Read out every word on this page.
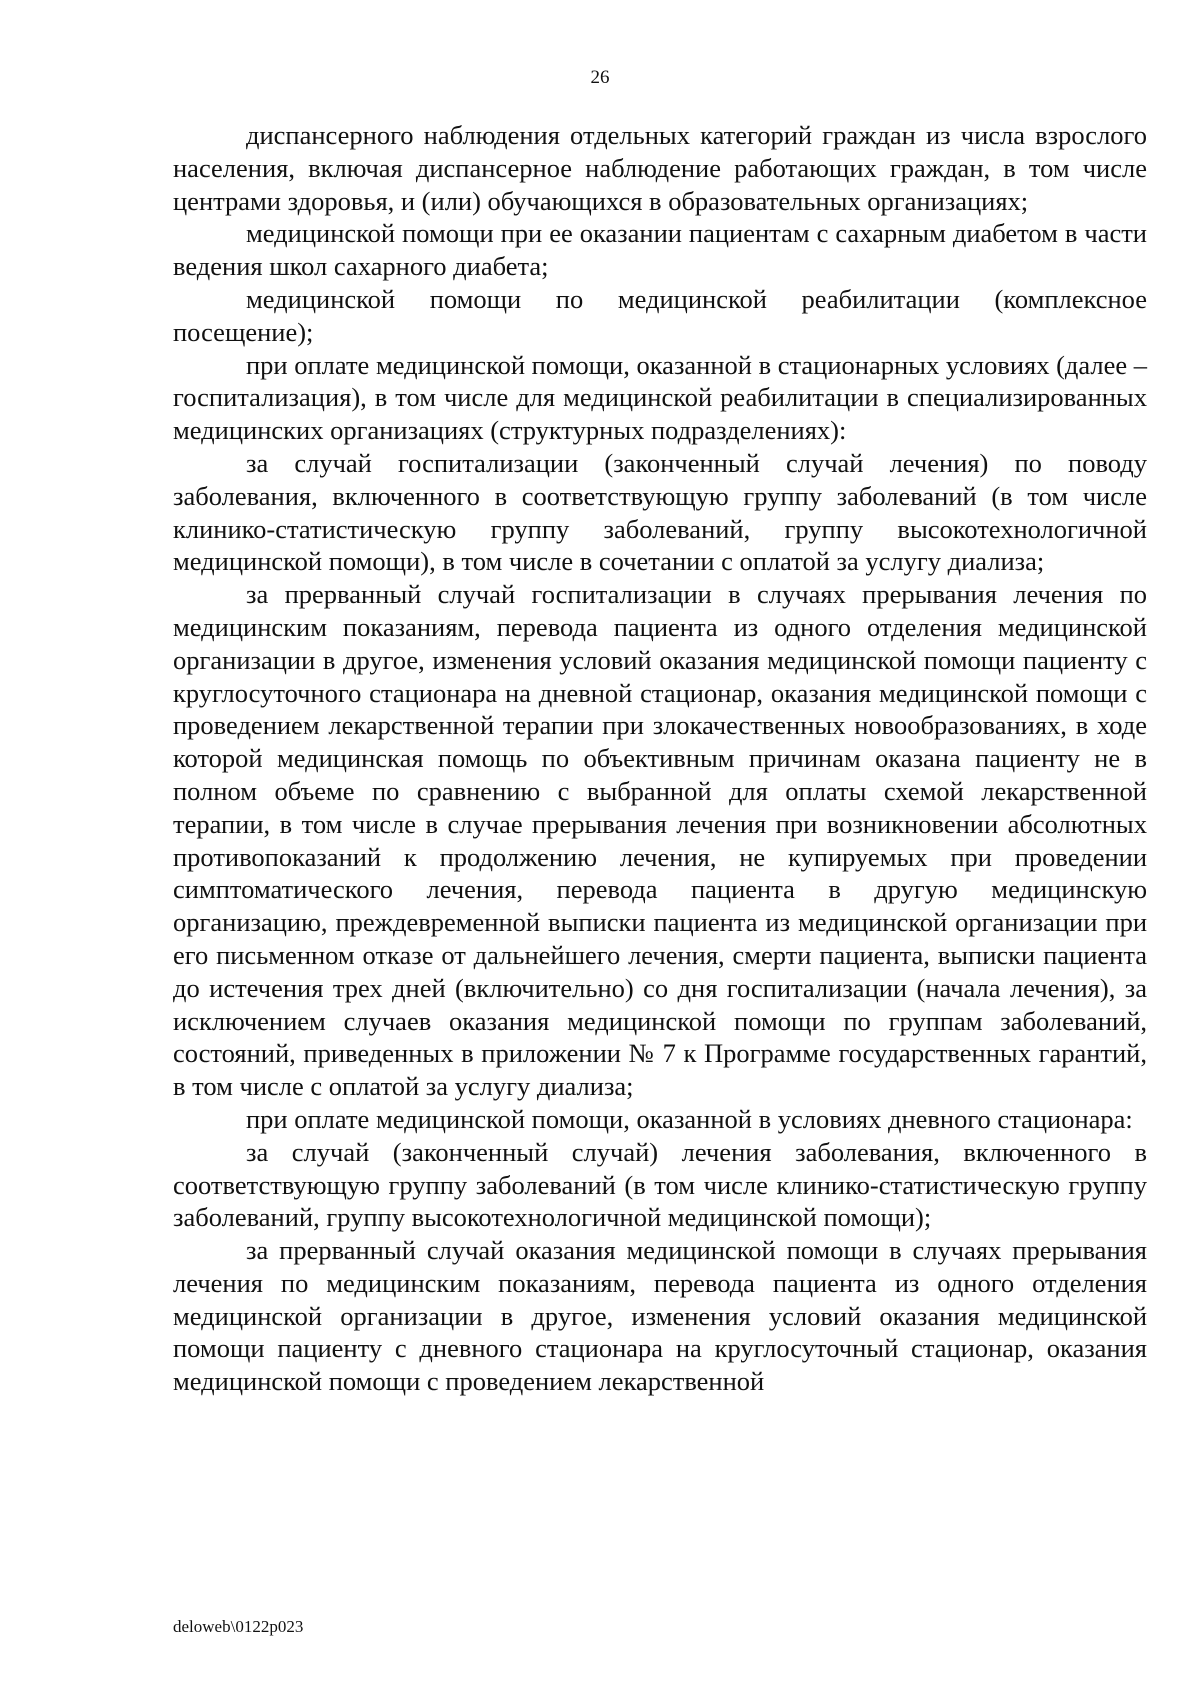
26

диспансерного наблюдения отдельных категорий граждан из числа взрослого населения, включая диспансерное наблюдение работающих граждан, в том числе центрами здоровья, и (или) обучающихся в образовательных организациях;

медицинской помощи при ее оказании пациентам с сахарным диабетом в части ведения школ сахарного диабета;

медицинской помощи по медицинской реабилитации (комплексное посещение);

при оплате медицинской помощи, оказанной в стационарных условиях (далее – госпитализация), в том числе для медицинской реабилитации в специализированных медицинских организациях (структурных подразделениях):

за случай госпитализации (законченный случай лечения) по поводу заболевания, включенного в соответствующую группу заболеваний (в том числе клинико-статистическую группу заболеваний, группу высокотехнологичной медицинской помощи), в том числе в сочетании с оплатой за услугу диализа;

за прерванный случай госпитализации в случаях прерывания лечения по медицинским показаниям, перевода пациента из одного отделения медицинской организации в другое, изменения условий оказания медицинской помощи пациенту с круглосуточного стационара на дневной стационар, оказания медицинской помощи с проведением лекарственной терапии при злокачественных новообразованиях, в ходе которой медицинская помощь по объективным причинам оказана пациенту не в полном объеме по сравнению с выбранной для оплаты схемой лекарственной терапии, в том числе в случае прерывания лечения при возникновении абсолютных противопоказаний к продолжению лечения, не купируемых при проведении симптоматического лечения, перевода пациента в другую медицинскую организацию, преждевременной выписки пациента из медицинской организации при его письменном отказе от дальнейшего лечения, смерти пациента, выписки пациента до истечения трех дней (включительно) со дня госпитализации (начала лечения), за исключением случаев оказания медицинской помощи по группам заболеваний, состояний, приведенных в приложении № 7 к Программе государственных гарантий, в том числе с оплатой за услугу диализа;

при оплате медицинской помощи, оказанной в условиях дневного стационара:

за случай (законченный случай) лечения заболевания, включенного в соответствующую группу заболеваний (в том числе клинико-статистическую группу заболеваний, группу высокотехнологичной медицинской помощи);

за прерванный случай оказания медицинской помощи в случаях прерывания лечения по медицинским показаниям, перевода пациента из одного отделения медицинской организации в другое, изменения условий оказания медицинской помощи пациенту с дневного стационара на круглосуточный стационар, оказания медицинской помощи с проведением лекарственной

deloweb\0122p023
